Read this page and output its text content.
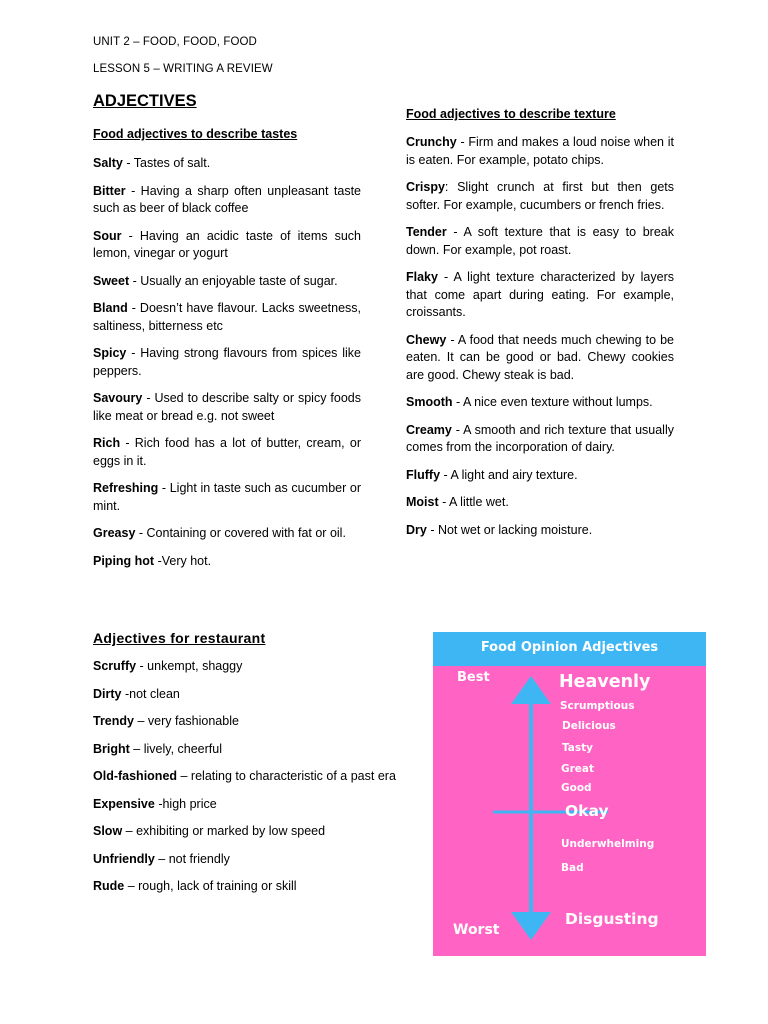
UNIT 2 – FOOD, FOOD, FOOD
LESSON 5 – WRITING A REVIEW
ADJECTIVES
Food adjectives to describe tastes
Salty - Tastes of salt.
Bitter - Having a sharp often unpleasant taste such as beer of black coffee
Sour - Having an acidic taste of items such lemon, vinegar or yogurt
Sweet - Usually an enjoyable taste of sugar.
Bland - Doesn’t have flavour. Lacks sweetness, saltiness, bitterness etc
Spicy - Having strong flavours from spices like peppers.
Savoury - Used to describe salty or spicy foods like meat or bread e.g. not sweet
Rich - Rich food has a lot of butter, cream, or eggs in it.
Refreshing - Light in taste such as cucumber or mint.
Greasy - Containing or covered with fat or oil.
Piping hot -Very hot.
Food adjectives to describe texture
Crunchy - Firm and makes a loud noise when it is eaten. For example, potato chips.
Crispy: Slight crunch at first but then gets softer. For example, cucumbers or french fries.
Tender - A soft texture that is easy to break down. For example, pot roast.
Flaky - A light texture characterized by layers that come apart during eating. For example, croissants.
Chewy - A food that needs much chewing to be eaten. It can be good or bad. Chewy cookies are good. Chewy steak is bad.
Smooth - A nice even texture without lumps.
Creamy - A smooth and rich texture that usually comes from the incorporation of dairy.
Fluffy - A light and airy texture.
Moist - A little wet.
Dry - Not wet or lacking moisture.
Adjectives for restaurant
Scruffy - unkempt, shaggy
Dirty -not clean
Trendy – very fashionable
Bright – lively, cheerful
Old-fashioned – relating to characteristic of a past era
Expensive -high price
Slow – exhibiting or marked by low speed
Unfriendly – not friendly
Rude – rough, lack of training or skill
Food Opinion Adjectives
Best
Worst
Heavenly
Scrumptious
Delicious
Tasty
Great
Good
Okay
Underwhelming
Bad
Disgusting
